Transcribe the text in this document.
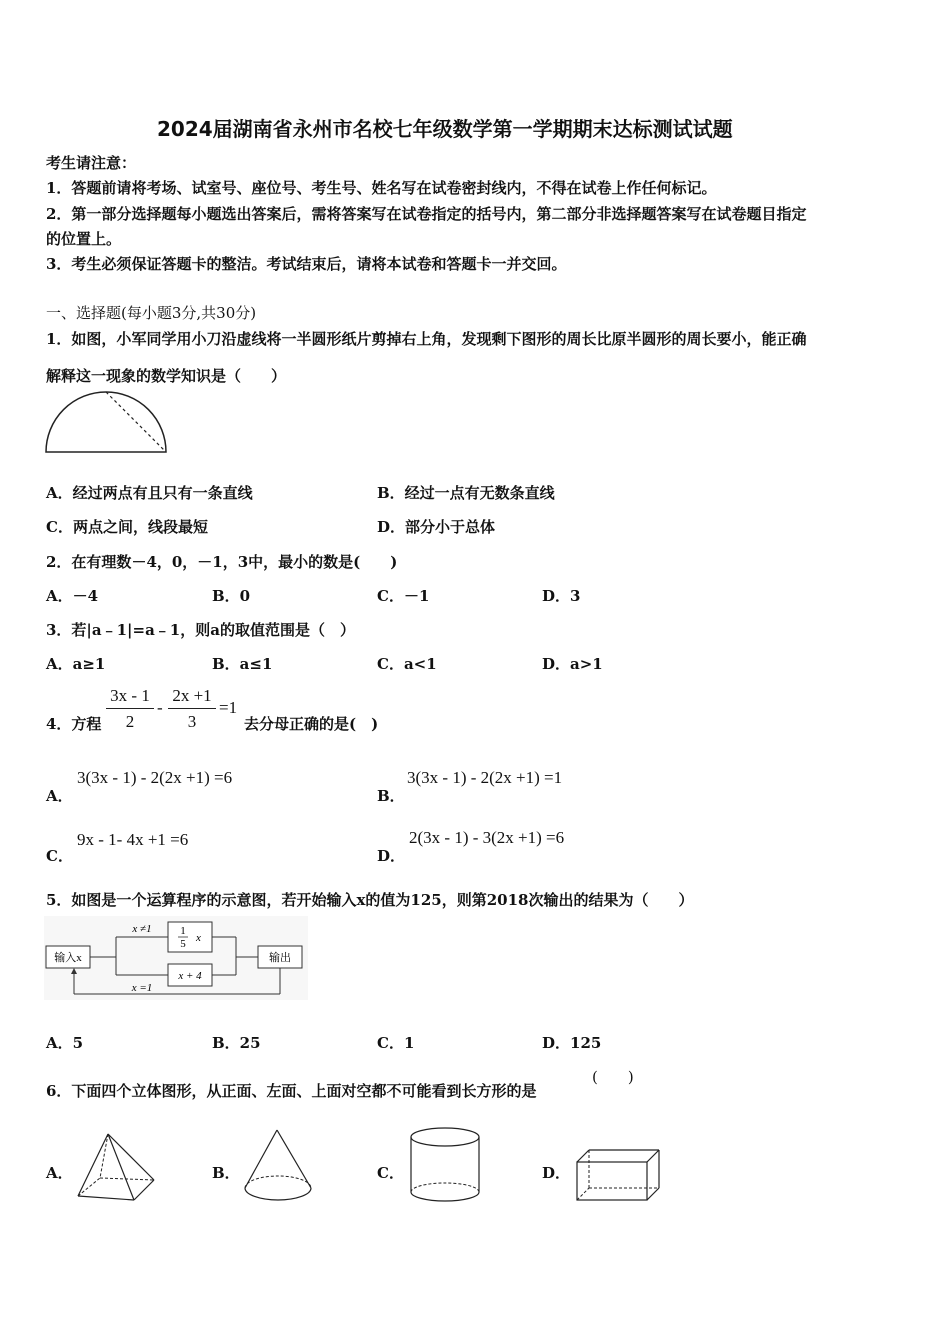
2024届湖南省永州市名校七年级数学第一学期期末达标测试试题
考生请注意：
1．答题前请将考场、试室号、座位号、考生号、姓名写在试卷密封线内，不得在试卷上作任何标记。
2．第一部分选择题每小题选出答案后，需将答案写在试卷指定的括号内，第二部分非选择题答案写在试卷题目指定
的位置上。
3．考生必须保证答题卡的整洁。考试结束后，请将本试卷和答题卡一并交回。
一、选择题(每小题3分,共30分)
1．如图，小军同学用小刀沿虚线将一半圆形纸片剪掉右上角，发现剩下图形的周长比原半圆形的周长要小，能正确
解释这一现象的数学知识是（　　）
A．经过两点有且只有一条直线	B．经过一点有无数条直线
C．两点之间，线段最短	D．部分小于总体
2．在有理数－4，0，－1，3中，最小的数是(　　)
A．－4	B．0	C．－1	D．3
3．若|a﹣1|=a﹣1，则a的取值范围是（　）
A．a≥1	B．a≤1	C．a<1	D．a>1
4．方程
3x - 1
2
-
2x +1
3
=1
去分母正确的是(　)
A．
3(3x - 1) - 2(2x +1) =6
B．
3(3x - 1) - 2(2x +1) =1
C．
9x - 1- 4x +1 =6
D．
2(3x - 1) - 3(2x +1) =6
5．如图是一个运算程序的示意图，若开始输入x的值为125，则第2018次输出的结果为（　　）
输入x	输出
1
5 x
x + 4
x ≠1
x =1
A．5	B．25	C．1	D．125
6．下面四个立体图形，从正面、左面、上面对空都不可能看到长方形的是
(　　)
A．	B．	C．	D．
